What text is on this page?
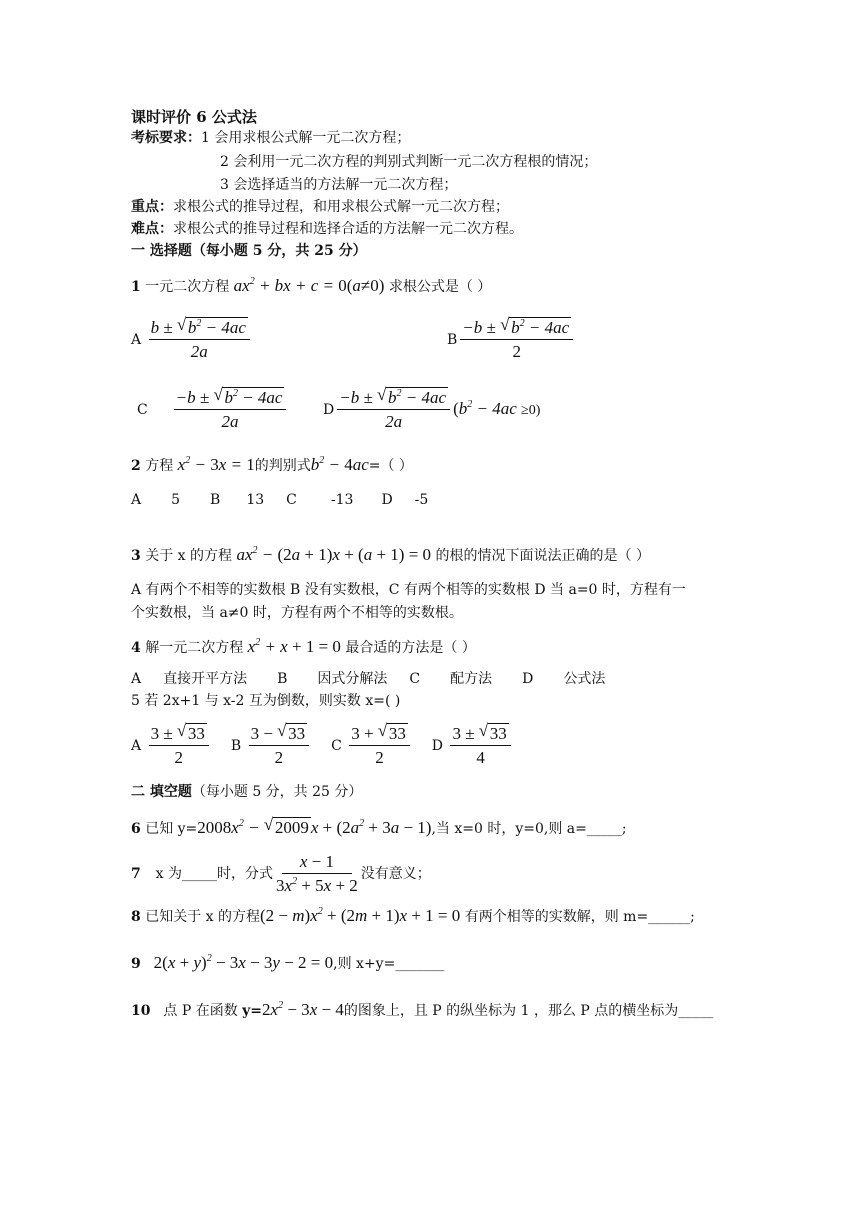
课时评价 6 公式法
考标要求：1 会用求根公式解一元二次方程；
2 会利用一元二次方程的判别式判断一元二次方程根的情况；
3 会选择适当的方法解一元二次方程；
重点：求根公式的推导过程，和用求根公式解一元二次方程；
难点：求根公式的推导过程和选择合适的方法解一元二次方程。
一 选择题（每小题 5 分，共 25 分）
1 一元二次方程 $ax^2$ + bx + c = 0(a≠0) 求根公式是（ ）
A $\frac{b \pm √ b^2 - 4ac}{2a}$	B $\frac{-b \pm √ b^2 - 4ac}{2}$
C $\frac{-b \pm √ b^2 - 4ac}{2a}$	D $\frac{-b \pm √ b^2 - 4ac}{2a} (b^2 - 4ac \ge 0)$
2 方程 $x^2 - 3x = 1$的判别式$b^2 - 4ac=$（ ）
A 5 B 13 C -13 D -5
3 关于 x 的方程 $ax^2 - (2a + 1)x + (a + 1) = 0$ 的根的情况下面说法正确的是（ ）
A 有两个不相等的实数根 B 没有实数根，C 有两个相等的实数根 D 当 a=0 时，方程有一
个实数根，当 a≠0 时，方程有两个不相等的实数根。
4 解一元二次方程 $x^2 + x + 1 = 0$ 最合适的方法是（ ）
A 直接开平方法 B 因式分解法 C 配方法 D 公式法
5 若 2x+1 与 x-2 互为倒数，则实数 x=( )
A $\frac{3 \pm √ 33}{2}$ B $\frac{3 - √ 33}{2}$ C $\frac{3 + √ 33}{2}$ D $\frac{3 \pm √ 33}{4}$
二 填空题（每小题 5 分，共 25 分）
6 已知 $y=2008x^2$ − √ 2009 $x + (2a^2 + 3a - 1)$,当 x=0 时，y=0,则 a=_____;
7 x 为_____时，分式 $\frac{x - 1}{3x^2 + 5x + 2}$ 没有意义；
8 已知关于 x 的方程$(2 - m)x^2 + (2m + 1)x + 1 = 0$ 有两个相等的实数解，则 m=______;
9 $2(x + y)^2 - 3x - 3y - 2 = 0$,则 x+y=_______
10 点 P 在函数 $y=2x^2 - 3x - 4$的图象上，且 P 的纵坐标为 1 ，那么 P 点的横坐标为_____
